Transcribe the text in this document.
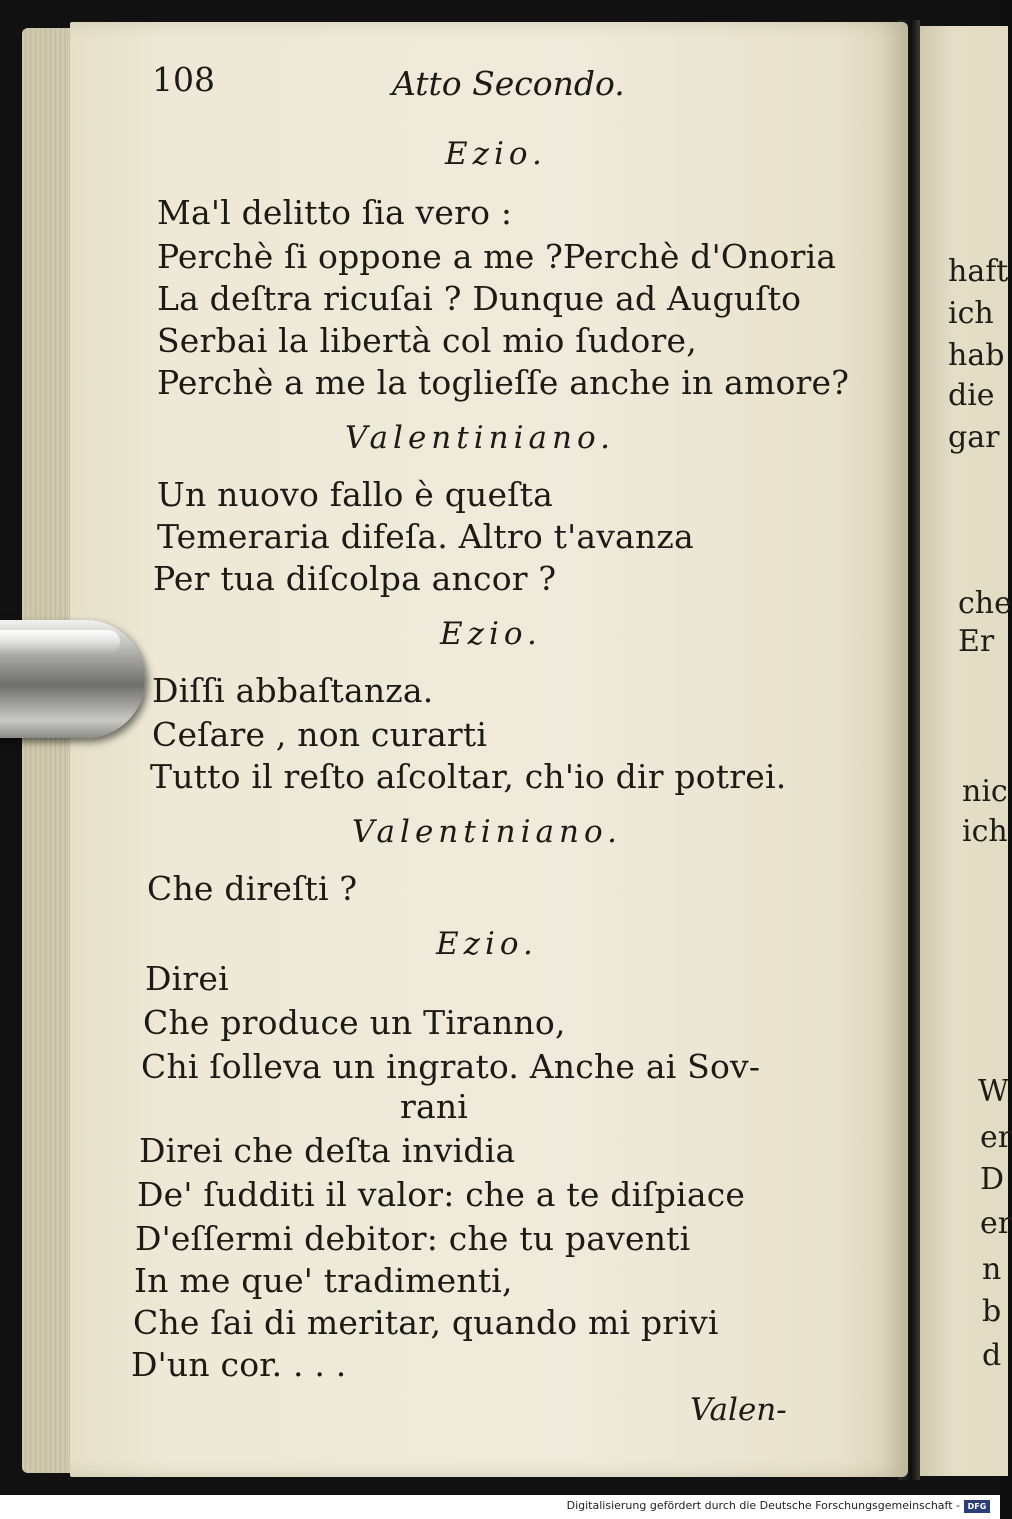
haft
ich
hab
die
gar
che
Er
nic
ich
W
er
D
er
n
b
d
108	Atto Secondo.
Ezio.
Ma'l delitto ſia vero :
Perchè ſi oppone a me ?Perchè d'Onoria
La deſtra ricuſai ? Dunque ad Auguſto
Serbai la libertà col mio ſudore,
Perchè a me la toglieſſe anche in amore?
Valentiniano.
Un nuovo fallo è queſta
Temeraria difeſa. Altro t'avanza
Per tua diſcolpa ancor ?
Ezio.
Diſſi abbaſtanza.
Ceſare , non curarti
Tutto il reſto aſcoltar, ch'io dir potrei.
Valentiniano.
Che direſti ?
Ezio.
Direi
Che produce un Tiranno,
Chi ſolleva un ingrato. Anche ai Sov-
rani
Direi che deſta invidia
De' ſudditi il valor: che a te diſpiace
D'eſſermi debitor: che tu paventi
In me que' tradimenti,
Che ſai di meritar, quando mi privi
D'un cor. . . .
Valen-
Digitalisierung gefördert durch die Deutsche Forschungsgemeinschaft - DFG
